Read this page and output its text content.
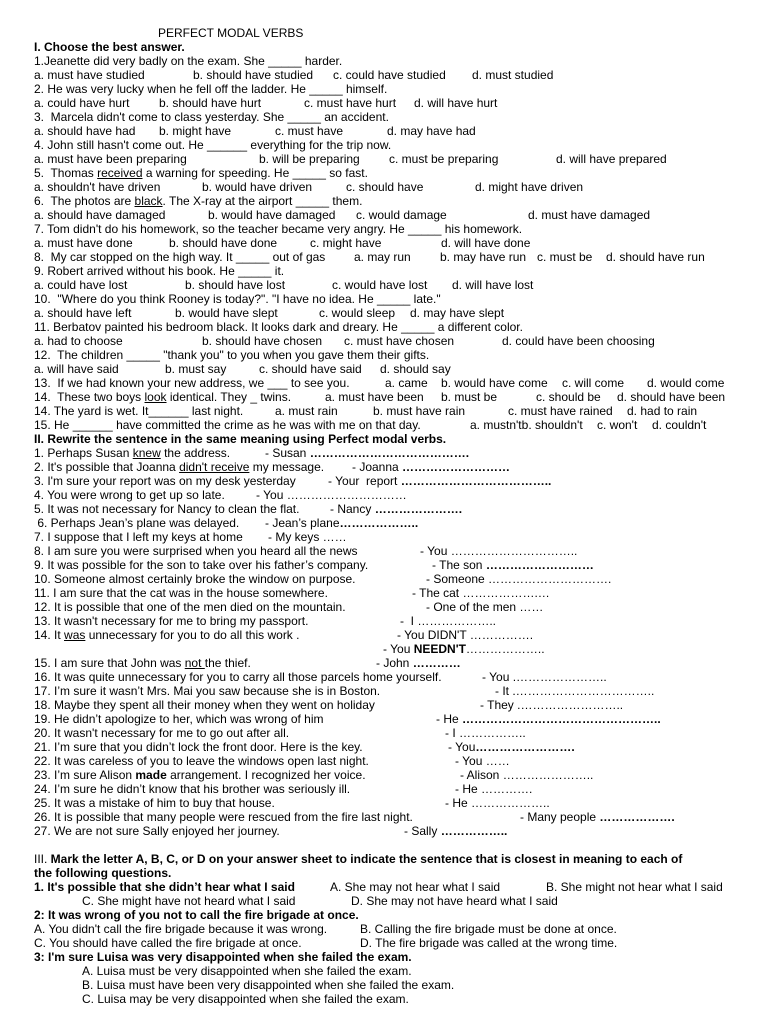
PERFECT MODAL VERBS
I. Choose the best answer.
1.Jeanette did very badly on the exam. She _____ harder.
a. must have studied	b. should have studied c. could have studied d. must studied
2. He was very lucky when he fell off the ladder. He _____ himself.
a. could have hurt b. should have hurt	c. must have hurt d. will have hurt
3.  Marcela didn't come to class yesterday. She _____ an accident.
a. should have had b. might have	c. must have	d. may have had
4. John still hasn't come out. He ______ everything for the trip now.
a. must have been preparing	b. will be preparing c. must be preparing	d. will have prepared
5.  Thomas received a warning for speeding. He _____ so fast.
a. shouldn't have driven	b. would have driven	c. should have	d. might have driven
6.  The photos are black. The X-ray at the airport _____ them.
a. should have damaged	b. would have damaged c. would damage	d. must have damaged
7. Tom didn't do his homework, so the teacher became very angry. He _____ his homework.
a. must have done	b. should have done	c. might have	d. will have done
8.  My car stopped on the high way. It _____ out of gas a. may run b. may have run c. must be d. should have run
9. Robert arrived without his book. He _____ it.
a. could have lost	b. should have lost	c. would have lost d. will have lost
10.  "Where do you think Rooney is today?". "I have no idea. He _____ late."
a. should have left	b. would have slept	c. would sleep d. may have slept
11. Berbatov painted his bedroom black. It looks dark and dreary. He _____ a different color.
a. had to choose	b. should have chosen c. must have chosen	d. could have been choosing
12.  The children _____ "thank you" to you when you gave them their gifts.
a. will have said	b. must say	c. should have said d. should say
13.  If we had known your new address, we ___ to see you.	a. came b. would have come c. will come d. would come
14.  These two boys look identical. They _ twins.	a. must have been b. must be	c. should be d. should have been
14. The yard is wet. It______ last night.	a. must rain	b. must have rain	c. must have rained d. had to rain
15. He ______ have committed the crime as he was with me on that day.	a. mustn'tb. shouldn't c. won't d. couldn't
II. Rewrite the sentence in the same meaning using Perfect modal verbs.
1. Perhaps Susan knew the address.	- Susan ………………………………….
2. It's possible that Joanna didn't receive my message. - Joanna ………………………
3. I'm sure your report was on my desk yesterday	- Your  report ………………………………..
4. You were wrong to get up so late.	- You …………………………
5. It was not necessary for Nancy to clean the flat.	- Nancy ………………….
6. Perhaps Jean’s plane was delayed. - Jean’s plane………………..
7. I suppose that I left my keys at home - My keys ……
8. I am sure you were surprised when you heard all the news	- You …………………………..
9. It was possible for the son to take over his father’s company.	- The son ………………………
10. Someone almost certainly broke the window on purpose.	- Someone ………………………….
11. I am sure that the cat was in the house somewhere.	- The cat ……………….…
12. It is possible that one of the men died on the mountain.	- One of the men ……
13. It wasn't necessary for me to bring my passport.	-  I ………………..
14. It was unnecessary for you to do all this work .	- You DIDN'T …………….
- You NEEDN'T………………..
15. I am sure that John was not the thief.	- John …………
16. It was quite unnecessary for you to carry all those parcels home yourself.	- You .…………………..
17. I’m sure it wasn’t Mrs. Mai you saw because she is in Boston.	- It .……………………………..
18. Maybe they spent all their money when they went on holiday	- They .……………………..
19. He didn’t apologize to her, which was wrong of him	- He …………………………………………..
20. It wasn't necessary for me to go out after all.	- I ……………..
21. I’m sure that you didn’t lock the front door. Here is the key.	- You…………………….
22. It was careless of you to leave the windows open last night.	- You ……
23. I’m sure Alison made arrangement. I recognized her voice.	- Alison …………………..
24. I’m sure he didn’t know that his brother was seriously ill.	- He ………….
25. It was a mistake of him to buy that house.	- He ………………..
26. It is possible that many people were rescued from the fire last night.	- Many people ……………….
27. We are not sure Sally enjoyed her journey.	- Sally ……………..
III. Mark the letter A, B, C, or D on your answer sheet to indicate the sentence that is closest in meaning to each of
the following questions.
1. It's possible that she didn’t hear what I said	A. She may not hear what I said	B. She might not hear what I said
C. She might have not heard what I said	D. She may not have heard what I said
2: It was wrong of you not to call the fire brigade at once.
A. You didn't call the fire brigade because it was wrong.	B. Calling the fire brigade must be done at once.
C. You should have called the fire brigade at once.	D. The fire brigade was called at the wrong time.
3: I'm sure Luisa was very disappointed when she failed the exam.
A. Luisa must be very disappointed when she failed the exam.
B. Luisa must have been very disappointed when she failed the exam.
C. Luisa may be very disappointed when she failed the exam.
